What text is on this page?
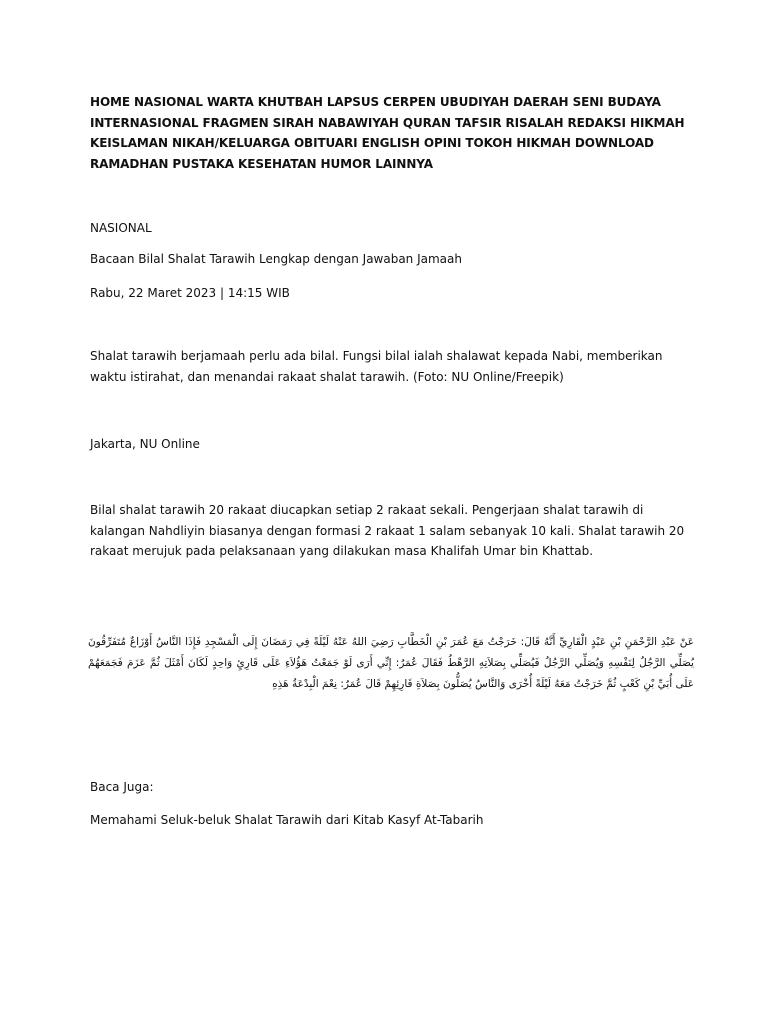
HOME NASIONAL WARTA KHUTBAH LAPSUS CERPEN UBUDIYAH DAERAH SENI BUDAYA INTERNASIONAL FRAGMEN SIRAH NABAWIYAH QURAN TAFSIR RISALAH REDAKSI HIKMAH KEISLAMAN NIKAH/KELUARGA OBITUARI ENGLISH OPINI TOKOH HIKMAH DOWNLOAD RAMADHAN PUSTAKA KESEHATAN HUMOR LAINNYA

NASIONAL

Bacaan Bilal Shalat Tarawih Lengkap dengan Jawaban Jamaah

Rabu, 22 Maret 2023 | 14:15 WIB

Shalat tarawih berjamaah perlu ada bilal. Fungsi bilal ialah shalawat kepada Nabi, memberikan waktu istirahat, dan menandai rakaat shalat tarawih. (Foto: NU Online/Freepik)

Jakarta, NU Online

Bilal shalat tarawih 20 rakaat diucapkan setiap 2 rakaat sekali. Pengerjaan shalat tarawih di kalangan Nahdliyin biasanya dengan formasi 2 rakaat 1 salam sebanyak 10 kali. Shalat tarawih 20 rakaat merujuk pada pelaksanaan yang dilakukan masa Khalifah Umar bin Khattab.

عَنْ عَبْدِ الرَّحْمَنِ بْنِ عَبْدٍ الْقَارِيِّ أَنَّهُ قَالَ: خَرَجْتُ مَعَ عُمَرَ بْنِ الْخَطَّابِ رَضِيَ اللهُ عَنْهُ لَيْلَةً فِي رَمَضَانَ إِلَى الْمَسْجِدِ فَإِذَا النَّاسُ أَوْزَاعٌ مُتَفَرِّقُونَ يُصَلِّي الرَّجُلُ لِنَفْسِهِ وَيُصَلِّي الرَّجُلُ فَيُصَلِّي بِصَلاَتِهِ الرَّهْطُ فَقَالَ عُمَرُ: إِنِّي أَرَى لَوْ جَمَعْتُ هَؤُلاَءِ عَلَى قَارِئٍ وَاحِدٍ لَكَانَ أَمْثَلَ ثُمَّ عَزَمَ فَجَمَعَهُمْ عَلَى أُبَيِّ بْنِ كَعْبٍ ثُمَّ خَرَجْتُ مَعَهُ لَيْلَةً أُخْرَى وَالنَّاسُ يُصَلُّونَ بِصَلاَةِ قَارِئِهِمْ قَالَ عُمَرُ: نِعْمَ الْبِدْعَةُ هَذِهِ

Baca Juga:

Memahami Seluk-beluk Shalat Tarawih dari Kitab Kasyf At-Tabarih
